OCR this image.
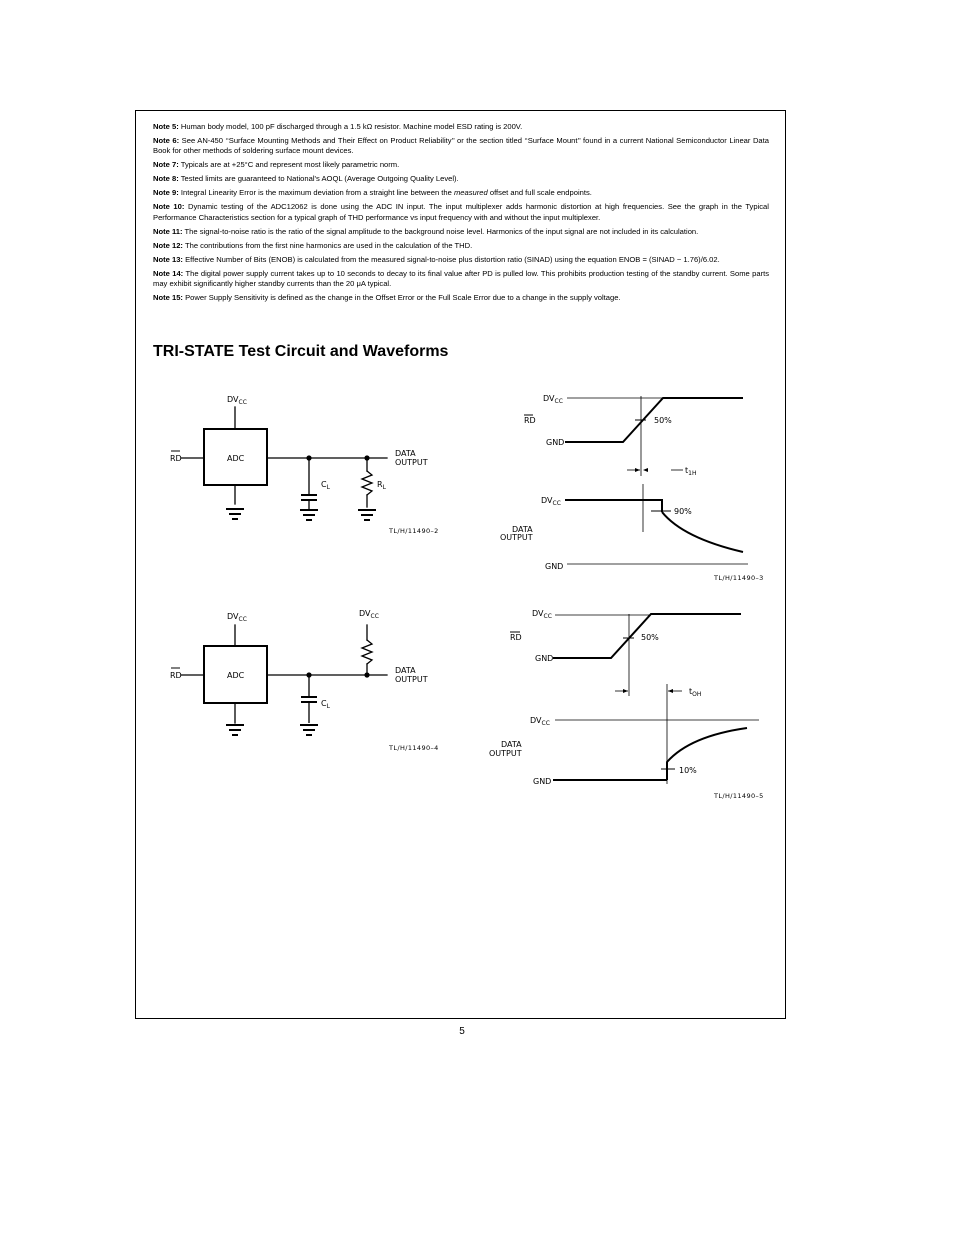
Note 5: Human body model, 100 pF discharged through a 1.5 kΩ resistor. Machine model ESD rating is 200V.

Note 6: See AN-450 ‘‘Surface Mounting Methods and Their Effect on Product Reliability’’ or the section titled ‘‘Surface Mount’’ found in a current National Semiconductor Linear Data Book for other methods of soldering surface mount devices.

Note 7: Typicals are at +25°C and represent most likely parametric norm.

Note 8: Tested limits are guaranteed to National's AOQL (Average Outgoing Quality Level).

Note 9: Integral Linearity Error is the maximum deviation from a straight line between the measured offset and full scale endpoints.

Note 10: Dynamic testing of the ADC12062 is done using the ADC IN input. The input multiplexer adds harmonic distortion at high frequencies. See the graph in the Typical Performance Characteristics section for a typical graph of THD performance vs input frequency with and without the input multiplexer.

Note 11: The signal-to-noise ratio is the ratio of the signal amplitude to the background noise level. Harmonics of the input signal are not included in its calculation.

Note 12: The contributions from the first nine harmonics are used in the calculation of the THD.

Note 13: Effective Number of Bits (ENOB) is calculated from the measured signal-to-noise plus distortion ratio (SINAD) using the equation ENOB = (SINAD − 1.76)/6.02.

Note 14: The digital power supply current takes up to 10 seconds to decay to its final value after PD is pulled low. This prohibits production testing of the standby current. Some parts may exhibit significantly higher standby currents than the 20 μA typical.

Note 15: Power Supply Sensitivity is defined as the change in the Offset Error or the Full Scale Error due to a change in the supply voltage.

TRI-STATE Test Circuit and Waveforms
$DV_{CC}$
RD	ADC
DATA
OUTPUT
$C_L$	$R_L$
TL/H/11490–2
$DV_{CC}$
RD
GND
50%
$t_{1H}$
$DV_{CC}$
90%
DATA
OUTPUT
GND
TL/H/11490–3
$DV_{CC}$
$DV_{CC}$
RD	ADC
DATA
OUTPUT
$C_L$
TL/H/11490–4
$DV_{CC}$
RD
GND
50%
$t_{OH}$
$DV_{CC}$
DATA
OUTPUT
10%
GND
TL/H/11490–5
5
